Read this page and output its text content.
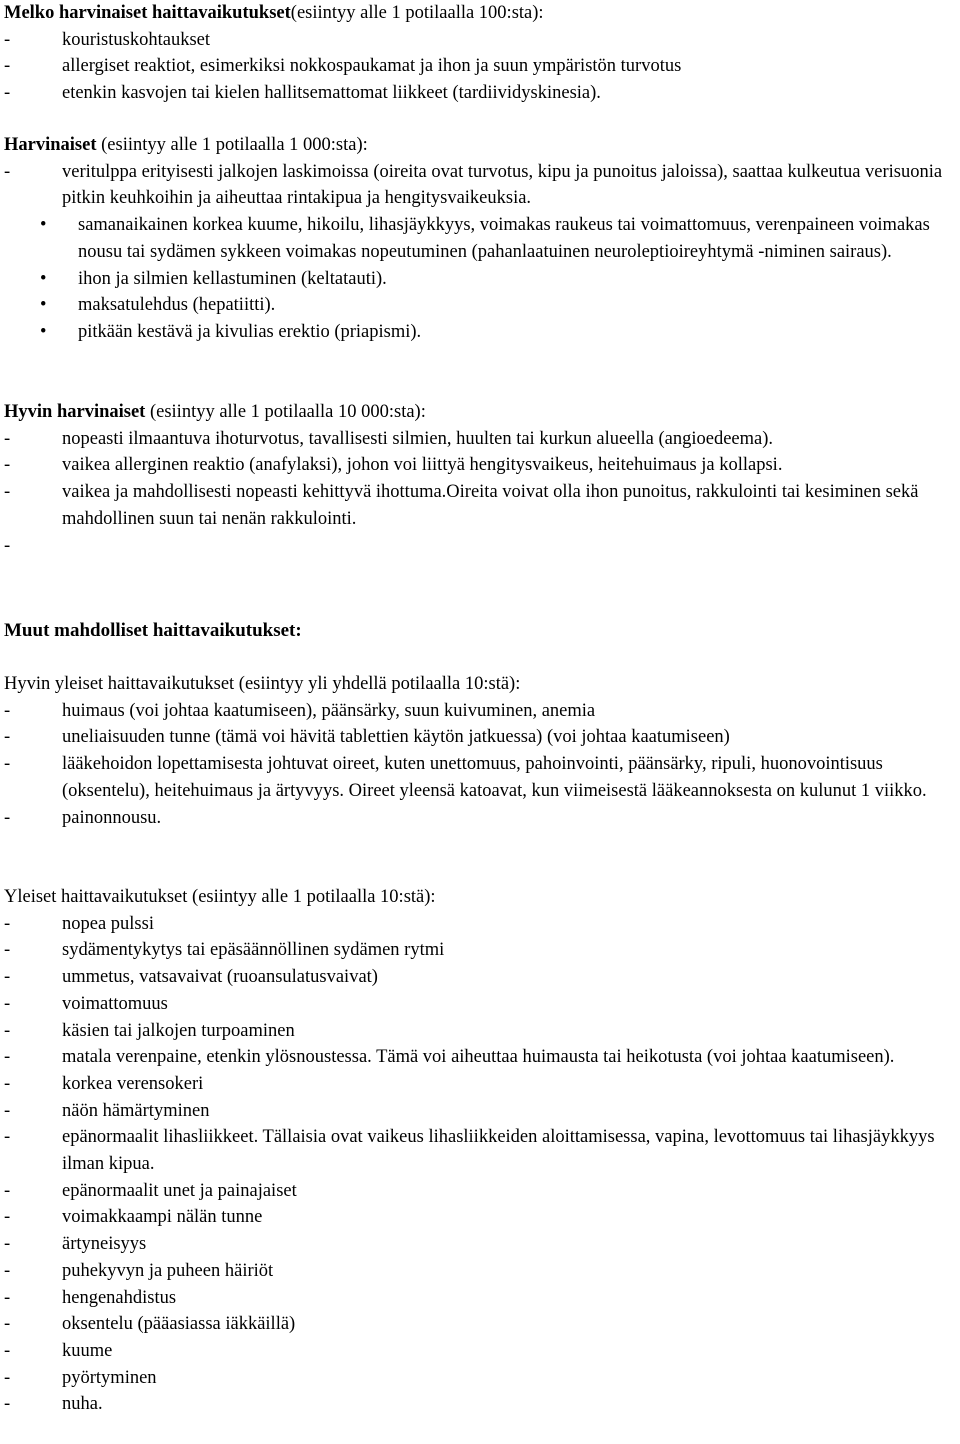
Melko harvinaiset haittavaikutukset(esiintyy alle 1 potilaalla 100:sta):
-	kouristuskohtaukset
-	allergiset reaktiot, esimerkiksi nokkospaukamat ja ihon ja suun ympäristön turvotus
-	etenkin kasvojen tai kielen hallitsemattomat liikkeet (tardiividyskinesia).
Harvinaiset (esiintyy alle 1 potilaalla 1 000:sta):
-	veritulppa erityisesti jalkojen laskimoissa (oireita ovat turvotus, kipu ja punoitus jaloissa), saattaa kulkeutua verisuonia pitkin keuhkoihin ja aiheuttaa rintakipua ja hengitysvaikeuksia.
•	samanaikainen korkea kuume, hikoilu, lihasjäykkyys, voimakas raukeus tai voimattomuus, verenpaineen voimakas nousu tai sydämen sykkeen voimakas nopeutuminen (pahanlaatuinen neuroleptioireyhtymä -niminen sairaus).
•	ihon ja silmien kellastuminen (keltatauti).
•	maksatulehdus (hepatiitti).
•	pitkään kestävä ja kivulias erektio (priapismi).
Hyvin harvinaiset (esiintyy alle 1 potilaalla 10 000:sta):
-	nopeasti ilmaantuva ihoturvotus, tavallisesti silmien, huulten tai kurkun alueella (angioedeema).
-	vaikea allerginen reaktio (anafylaksi), johon voi liittyä hengitysvaikeus, heitehuimaus ja kollapsi.
-	vaikea ja mahdollisesti nopeasti kehittyvä ihottuma.Oireita voivat olla ihon punoitus, rakkulointi tai kesiminen sekä mahdollinen suun tai nenän rakkulointi.
-
Muut mahdolliset haittavaikutukset:
Hyvin yleiset haittavaikutukset (esiintyy yli yhdellä potilaalla 10:stä):
-	huimaus (voi johtaa kaatumiseen), päänsärky, suun kuivuminen, anemia
-	uneliaisuuden tunne (tämä voi hävitä tablettien käytön jatkuessa) (voi johtaa kaatumiseen)
-	lääkehoidon lopettamisesta johtuvat oireet, kuten unettomuus, pahoinvointi, päänsärky, ripuli, huonovointisuus (oksentelu), heitehuimaus ja ärtyvyys. Oireet yleensä katoavat, kun viimeisestä lääkeannoksesta on kulunut 1 viikko.
-	painonnousu.
Yleiset haittavaikutukset (esiintyy alle 1 potilaalla 10:stä):
-	nopea pulssi
-	sydämentykytys tai epäsäännöllinen sydämen rytmi
-	ummetus, vatsavaivat (ruoansulatusvaivat)
-	voimattomuus
-	käsien tai jalkojen turpoaminen
-	matala verenpaine, etenkin ylösnoustessa. Tämä voi aiheuttaa huimausta tai heikotusta (voi johtaa kaatumiseen).
-	korkea verensokeri
-	näön hämärtyminen
-	epänormaalit lihasliikkeet. Tällaisia ovat vaikeus lihasliikkeiden aloittamisessa, vapina, levottomuus tai lihasjäykkyys ilman kipua.
-	epänormaalit unet ja painajaiset
-	voimakkaampi nälän tunne
-	ärtyneisyys
-	puhekyvyn ja puheen häiriöt
-	hengenahdistus
-	oksentelu (pääasiassa iäkkäillä)
-	kuume
-	pyörtyminen
-	nuha.
